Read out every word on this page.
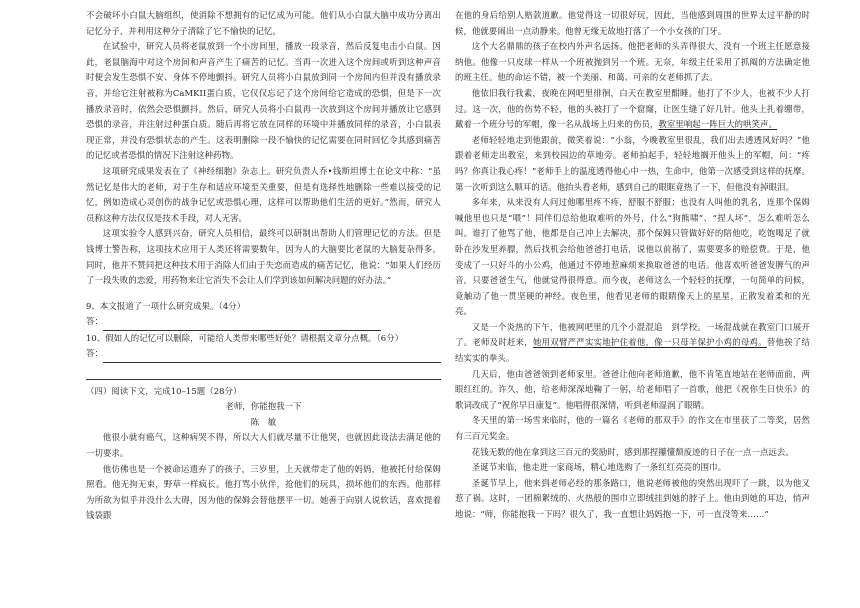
不会破坏小白鼠大脑组织，使消除不想拥有的记忆成为可能。他们从小白鼠大脑中成功分离出记忆分子，并利用这种分子清除了它不愉快的记忆。

在试验中，研究人员将老鼠放到一个小房间里，播放一段录音，然后反复电击小白鼠。因此，老鼠脑海中对这个房间和声音产生了痛苦的记忆。当再一次进入这个房间或听到这种声音时便会发生恐惧不安、身体不停地颤抖。研究人员将小白鼠放到同一个房间内但并没有播放录音，并给它注射被称为CaMKII蛋白质，它仅仅忘记了这个房间给它造成的恐惧，但是下一次播放录音时，依然会恐惧颤抖。然后，研究人员将小白鼠再一次放到这个房间并播放让它感到恐惧的录音，并注射过种蛋白质。随后再将它放在同样的环境中并播放同样的录音，小白鼠表现正常，并没有恐惧状态的产生。这表明删除一段不愉快的记忆需要在同时回忆令其感到痛苦的记忆或者恐惧的情况下注射这种药物。

这项研究成果发表在了《神经细胞》杂志上。研究负责人乔•钱斯坦博士在论文中称：“虽然记忆是伟大的老师，对于生存和适应环境至关重要，但是有选择性地删除一些难以接受的记忆，例如造成心灵创伤的战争记忆或恐惧心理，这样可以帮助他们生活的更好。”然而，研究人员称这种方法仅仅是技术手段，对人无害。

这项实验令人感到兴奋，研究人员相信，最终可以研制出帮助人们管理记忆的方法。但是钱博士警告称，这项技术应用于人类还将需要数年，因为人的大脑要比老鼠的大脑复杂得多。同时，他并不赞同把这种技术用于消除人们由于失恋而造成的痛苦记忆，他说：“如果人们经历了一段失败的恋爱，用药物来让它消失不会让人们学到该如何解决问题的好办法。”

9、本文报道了一项什么研究成果。（4分）

答：

10、假如人的记忆可以删除，可能给人类带来哪些好处？请根据文章分点概。（6分）

答：

（四）阅读下文，完成10–15题（28分）

老师，你能抱我一下

陈　敏

他很小就有癌气，这种病哭不得，所以大人们就尽量不让他哭，也就因此设法去满足他的一切要求。

他仿佛也是一个被命运遗弃了的孩子，三岁里，上天就带走了他的妈妈，他被托付给保姆照看。他无拘无束，野草一样疯长。他打骂小伙伴，抢他们的玩具，损坏他们的东西。他那样为所欲为似乎并没什么大碍，因为他的保姆会替他摆平一切。她善于向别人说软话，喜欢提着钱袋跟

在他的身后给别人赔款道歉。他觉得这一切很好玩，因此，当他感到周围的世界太过平静的时候，他就要闹出一点动静来。他曾无缘无故地打落了一个小女孩的门牙。

这个大名鼎鼎的孩子在校内外声名远扬。他把老师的头弄得很大，没有一个班主任愿意接纳他。他像一只皮球一样从一个班被抛到另一个班。无奈，年级主任采用了抓阄的方法确定他的班主任。他的命运不错，被一个美丽、和蔼、可亲的女老师抓了去。

他依旧我行我素，夜晚在网吧里徘徊，白天在教室里酣睡。他打了不少人，也被不少人打过。这一次，他的伤势不轻，他的头被打了一个窟窿，让医生缝了好几针。他头上扎着绷带，戴着一个班分号的军帽，像一名从战场上归来的伤员，教室里响起一阵巨大的哄笑声。

老师轻轻地走到他跟前，微笑着说：“小翁，今晚教室里很乱，我们出去透透风好吗？”他跟着老师走出教室，来到校园边的草地旁。老师拍起手，轻轻地搁开他头上的军帽，问：“疼吗？你真让我心疼！”老师手上的温度透得他心中一热，生命中，他第一次感受到这样的抚摩。第一次听到这么顺耳的话。他抬头看老师，感到自己的眼眶竟热了一下，但他没有掉眼泪。

多年来，从来没有人问过他哪里疼不疼，舒服不舒服；也没有人叫他的乳名，连那个保姆喊他里也只是“喂”！同伴们总给他取难听的外号，什么“狗熊啸”、“捏人坏”，怎么难听怎么叫。谁打了他骂了他，他都是自己冲上去解决，那个保姆只管做好好的陪他吃，吃饱喝足了就卧在沙发里养膘，然后找机会给他爸爸打电话，说他以前祸了，需要要多的赔偿费。于是，他变成了一只好斗的小公鸡，他通过不停地惹麻烦来换取爸爸的电话。他喜欢听爸爸发脾气的声音，只要爸爸生气，他就觉得很得意。而今夜，老师这么一个轻轻的抚摩，一句简单的问候，竟触动了他一贯坚硬的神经。夜色里，他看见老师的眼睛像天上的星星，正散发着柔和的光亮。

又是一个炎热的下午，他被网吧里的几个小混混追　到学校。一场混战就在教室门口展开了。老师及时赶来，她用双臂严严实实地护住着他，像一只母羊保护小鸡的母鸡。替他挨了结结实实的拳头。

几天后，他由爸爸领到老师家里。爸爸让他向老师道歉，他不肯笔直地站在老师面前，两眼红红的。许久，他，给老师深深地鞠了一躬，给老师唱了一首歌，他把《祝你生日快乐》的歌词改成了“祝你早日康复”。他唱得很深情，听到老师湿润了眼睛。

冬天里的第一场雪来临时，他的一篇名《老师的那双手》的作文在市里获了二等奖，居然有三百元奖金。

花钱无数的他在拿到这三百元的奖励时，感到那捏攥懂颓废迹的日子在一点一点远去。

圣诞节来临，他走进一家商场，精心地选购了一条红红亮亮的围巾。

圣诞节早上，他来到老师必经的那条路口，他说老师被他的突然出现吓了一跳，以为他又惹了祸。这时，一团棉絮绒的、火热般的围巾立即绒挂到她的脖子上。他由到她的耳边，悄声地说：“师，你能抱我一下吗？很久了，我一直想让妈妈抱一下，可一直没等来……”
